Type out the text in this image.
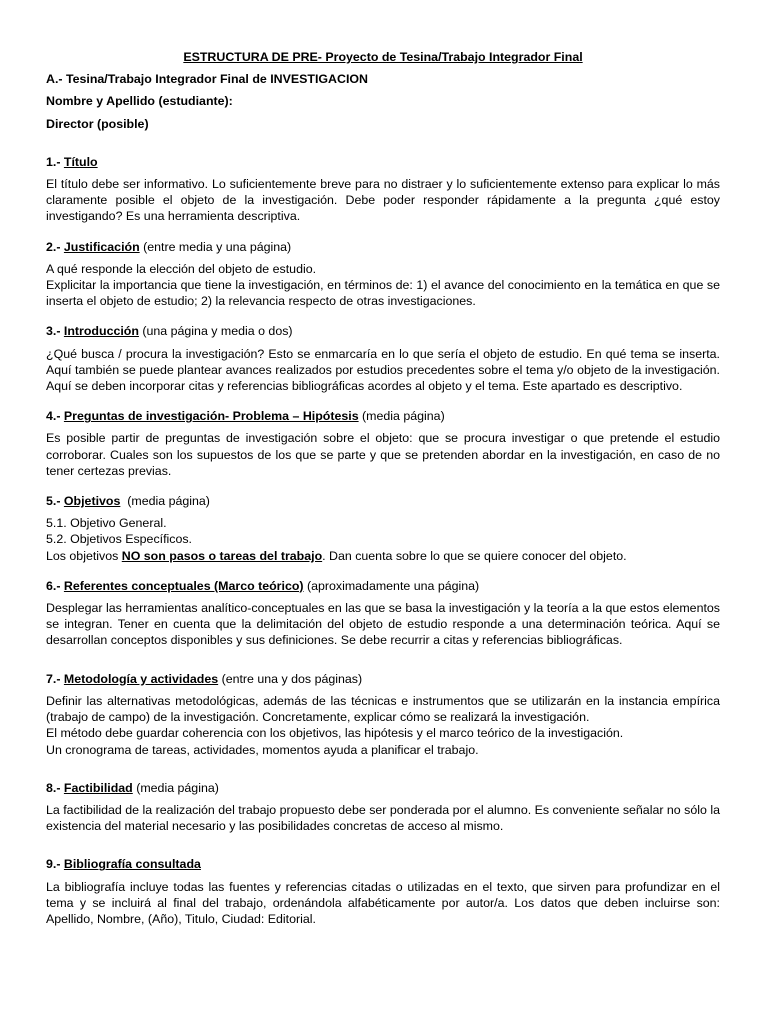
ESTRUCTURA DE PRE- Proyecto de Tesina/Trabajo Integrador Final
A.- Tesina/Trabajo Integrador Final de INVESTIGACION
Nombre y Apellido (estudiante):
Director (posible)
1.- Título

El título debe ser informativo. Lo suficientemente breve para no distraer y lo suficientemente extenso para explicar lo más claramente posible el objeto de la investigación. Debe poder responder rápidamente a la pregunta ¿qué estoy investigando? Es una herramienta descriptiva.

2.- Justificación (entre media y una página)

A qué responde la elección del objeto de estudio.

Explicitar la importancia que tiene la investigación, en términos de: 1) el avance del conocimiento en la temática en que se inserta el objeto de estudio; 2) la relevancia respecto de otras investigaciones.

3.- Introducción (una página y media o dos)

¿Qué busca / procura la investigación? Esto se enmarcaría en lo que sería el objeto de estudio. En qué tema se inserta. Aquí también se puede plantear avances realizados por estudios precedentes sobre el tema y/o objeto de la investigación. Aquí se deben incorporar citas y referencias bibliográficas acordes al objeto y el tema. Este apartado es descriptivo.

4.- Preguntas de investigación- Problema – Hipótesis (media página)

Es posible partir de preguntas de investigación sobre el objeto: que se procura investigar o que pretende el estudio corroborar. Cuales son los supuestos de los que se parte y que se pretenden abordar en la investigación, en caso de no tener certezas previas.

5.- Objetivos  (media página)
5.1. Objetivo General.
5.2. Objetivos Específicos.
Los objetivos NO son pasos o tareas del trabajo. Dan cuenta sobre lo que se quiere conocer del objeto.
6.- Referentes conceptuales (Marco teórico) (aproximadamente una página)

Desplegar las herramientas analítico-conceptuales en las que se basa la investigación y la teoría a la que estos elementos se integran. Tener en cuenta que la delimitación del objeto de estudio responde a una determinación teórica. Aquí se desarrollan conceptos disponibles y sus definiciones. Se debe recurrir a citas y referencias bibliográficas.

7.- Metodología y actividades (entre una y dos páginas)

Definir las alternativas metodológicas, además de las técnicas e instrumentos que se utilizarán en la instancia empírica (trabajo de campo) de la investigación. Concretamente, explicar cómo se realizará la investigación.

El método debe guardar coherencia con los objetivos, las hipótesis y el marco teórico de la investigación.

Un cronograma de tareas, actividades, momentos ayuda a planificar el trabajo.

8.- Factibilidad (media página)

La factibilidad de la realización del trabajo propuesto debe ser ponderada por el alumno. Es conveniente señalar no sólo la existencia del material necesario y las posibilidades concretas de acceso al mismo.

9.- Bibliografía consultada

La bibliografía incluye todas las fuentes y referencias citadas o utilizadas en el texto, que sirven para profundizar en el tema y se incluirá al final del trabajo, ordenándola alfabéticamente por autor/a. Los datos que deben incluirse son: Apellido, Nombre, (Año), Titulo, Ciudad: Editorial.
